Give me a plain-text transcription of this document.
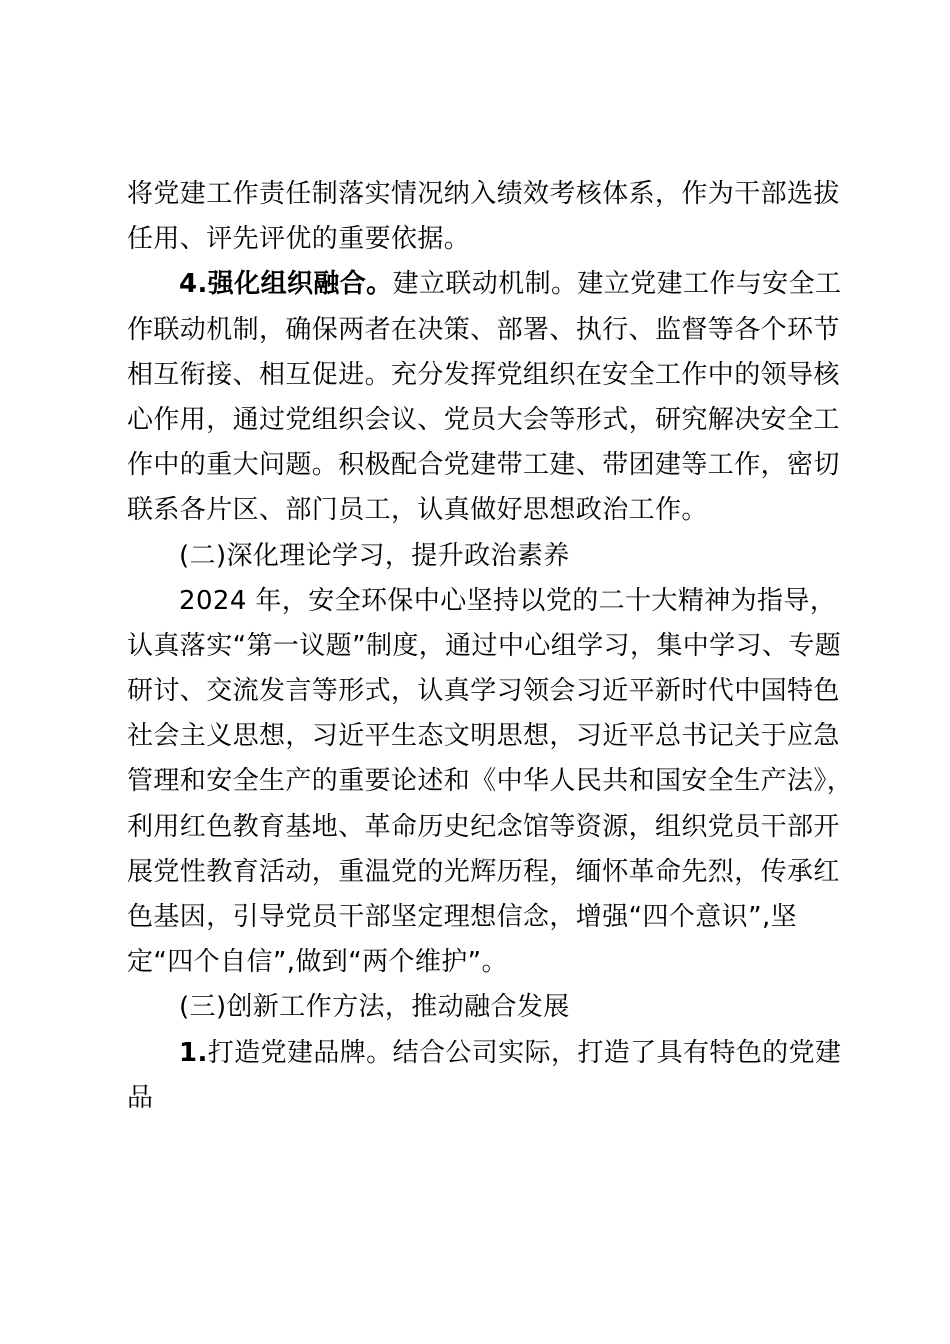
将党建工作责任制落实情况纳入绩效考核体系，作为干部选拔
任用、评先评优的重要依据。
4.强化组织融合。建立联动机制。建立党建工作与安全工
作联动机制，确保两者在决策、部署、执行、监督等各个环节
相互衔接、相互促进。充分发挥党组织在安全工作中的领导核
心作用，通过党组织会议、党员大会等形式，研究解决安全工
作中的重大问题。积极配合党建带工建、带团建等工作，密切
联系各片区、部门员工，认真做好思想政治工作。
(二)深化理论学习，提升政治素养
2024 年，安全环保中心坚持以党的二十大精神为指导，
认真落实“第一议题”制度，通过中心组学习，集中学习、专题
研讨、交流发言等形式，认真学习领会习近平新时代中国特色
社会主义思想，习近平生态文明思想，习近平总书记关于应急
管理和安全生产的重要论述和《中华人民共和国安全生产法》，
利用红色教育基地、革命历史纪念馆等资源，组织党员干部开
展党性教育活动，重温党的光辉历程，缅怀革命先烈，传承红
色基因，引导党员干部坚定理想信念，增强“四个意识”,坚
定“四个自信”,做到“两个维护”。
(三)创新工作方法，推动融合发展
1.打造党建品牌。结合公司实际，打造了具有特色的党建
品
